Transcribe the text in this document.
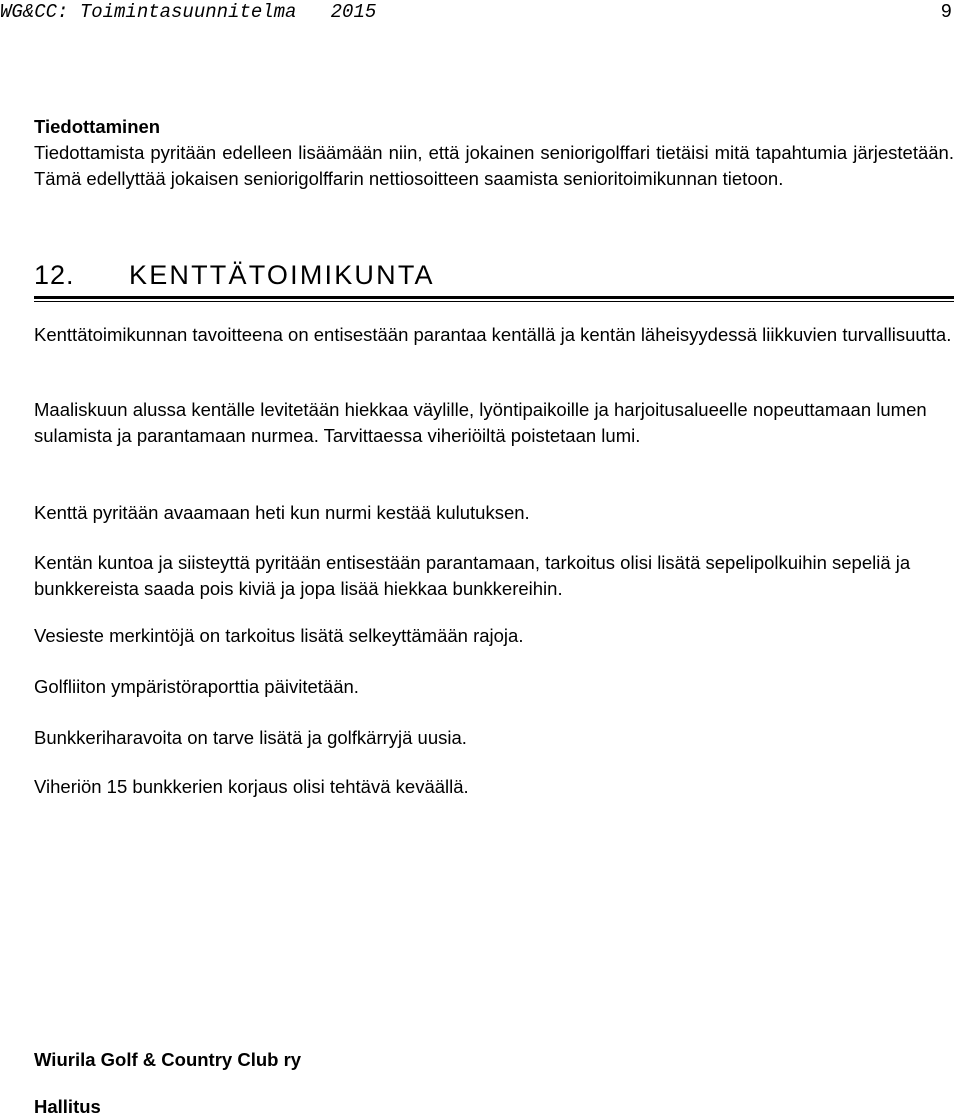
WG&CC: Toimintasuunnitelma   2015	9
Tiedottaminen

Tiedottamista pyritään edelleen lisäämään niin, että jokainen seniorigolffari tietäisi mitä tapahtumia järjestetään. Tämä edellyttää jokaisen seniorigolffarin nettiosoitteen saamista senioritoimikunnan tietoon.

12. KENTTÄTOIMIKUNTA

Kenttätoimikunnan tavoitteena on entisestään parantaa kentällä ja kentän läheisyydessä liikkuvien turvallisuutta.

Maaliskuun alussa kentälle levitetään hiekkaa väylille, lyöntipaikoille ja harjoitusalueelle nopeuttamaan lumen sulamista ja parantamaan nurmea. Tarvittaessa viheriöiltä poistetaan lumi.

Kenttä pyritään avaamaan heti kun nurmi kestää kulutuksen.

Kentän kuntoa ja siisteyttä pyritään entisestään parantamaan, tarkoitus olisi lisätä sepelipolkuihin sepeliä ja bunkkereista saada pois kiviä ja jopa lisää hiekkaa bunkkereihin.

Vesieste merkintöjä on tarkoitus lisätä selkeyttämään rajoja.

Golfliiton ympäristöraporttia päivitetään.

Bunkkeriharavoita on tarve lisätä ja golfkärryjä uusia.

Viheriön 15 bunkkerien korjaus olisi tehtävä keväällä.

Wiurila Golf & Country Club ry
Hallitus
